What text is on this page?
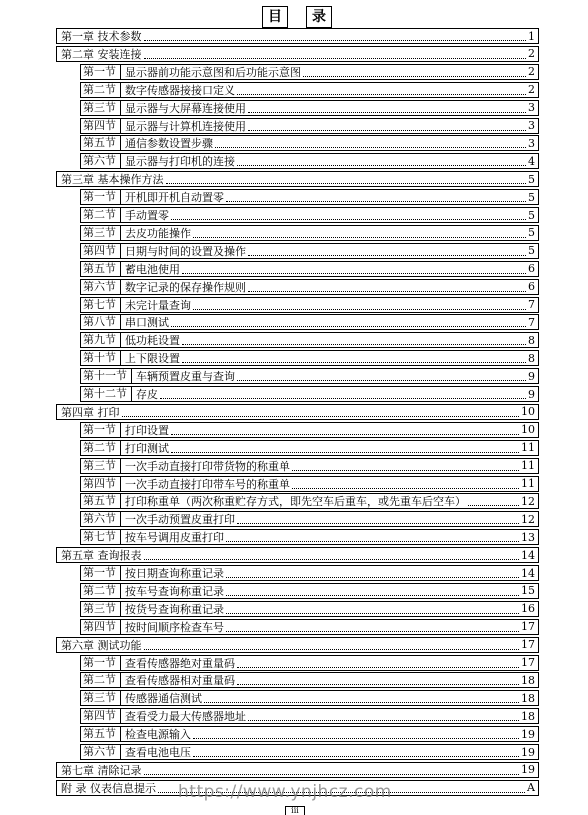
目	录
第一章 技术参数	1
第二章 安装连接	2
第一节 显示器前功能示意图和后功能示意图	2
第二节 数字传感器接接口定义	2
第三节 显示器与大屏幕连接使用	3
第四节 显示器与计算机连接使用	3
第五节 通信参数设置步骤	3
第六节 显示器与打印机的连接	4
第三章 基本操作方法	5
第一节 开机即开机自动置零	5
第二节 手动置零	5
第三节 去皮功能操作	5
第四节 日期与时间的设置及操作	5
第五节 蓄电池使用	6
第六节 数字记录的保存操作规则	6
第七节 未完计量查询	7
第八节 串口测试	7
第九节 低功耗设置	8
第十节 上下限设置	8
第十一节 车辆预置皮重与查询	9
第十二节 存皮	9
第四章 打印	10
第一节 打印设置	10
第二节 打印测试	11
第三节 一次手动直接打印带货物的称重单	11
第四节 一次手动直接打印带车号的称重单	11
第五节 打印称重单（两次称重贮存方式，即先空车后重车，或先重车后空车）	12
第六节 一次手动预置皮重打印	12
第七节 按车号调用皮重打印	13
第五章 查询报表	14
第一节 按日期查询称重记录	14
第二节 按车号查询称重记录	15
第三节 按货号查询称重记录	16
第四节 按时间顺序检查车号	17
第六章 测试功能	17
第一节 查看传感器绝对重量码	17
第二节 查看传感器相对重量码	18
第三节 传感器通信测试	18
第四节 查看受力最大传感器地址	18
第五节 检查电源输入	19
第六节 查看电池电压	19
第七章 清除记录	19
附 录 仪表信息提示	A
https://www.ynjhcz.com
iii
